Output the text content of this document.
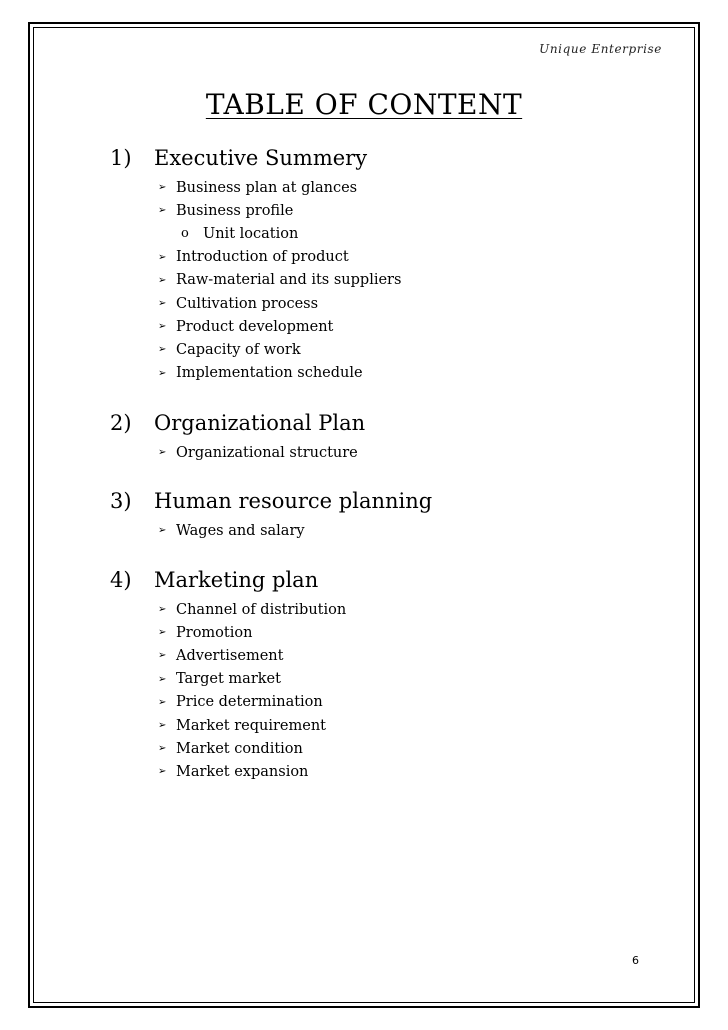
Unique Enterprise
TABLE OF CONTENT
1)	Executive Summery
➢ Business plan at glances
➢ Business profile
o Unit location
➢ Introduction of product
➢ Raw-material and its suppliers
➢ Cultivation process
➢ Product development
➢ Capacity of work
➢ Implementation schedule
2)	Organizational Plan
➢ Organizational structure
3)	Human resource planning
➢ Wages and salary
4)	Marketing plan
➢ Channel of distribution
➢ Promotion
➢ Advertisement
➢ Target market
➢ Price determination
➢ Market requirement
➢ Market condition
➢ Market expansion
6
